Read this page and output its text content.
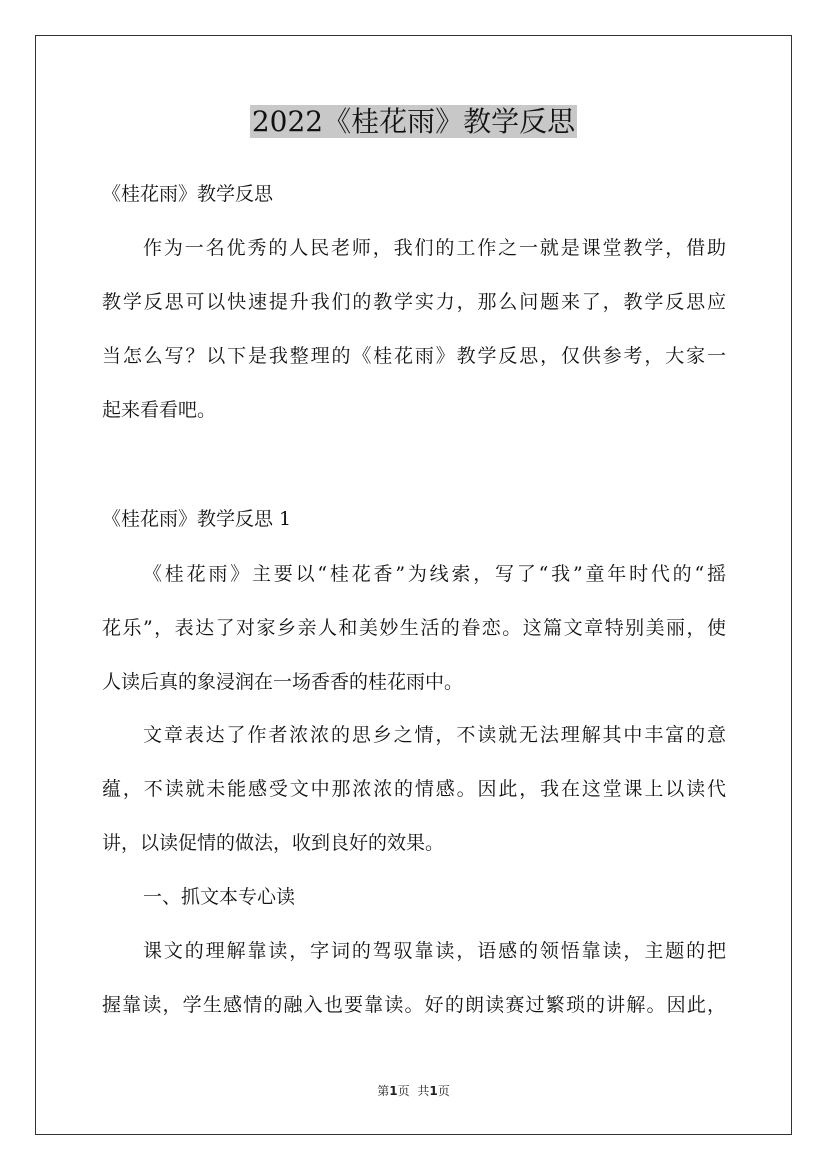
2022《桂花雨》教学反思

《桂花雨》教学反思

作为一名优秀的人民老师，我们的工作之一就是课堂教学，借助

教学反思可以快速提升我们的教学实力，那么问题来了，教学反思应

当怎么写？以下是我整理的《桂花雨》教学反思，仅供参考，大家一

起来看看吧。

《桂花雨》教学反思 1

《桂花雨》主要以“桂花香”为线索，写了“我”童年时代的“摇

花乐”，表达了对家乡亲人和美妙生活的眷恋。这篇文章特别美丽，使

人读后真的象浸润在一场香香的桂花雨中。

文章表达了作者浓浓的思乡之情，不读就无法理解其中丰富的意

蕴，不读就未能感受文中那浓浓的情感。因此，我在这堂课上以读代

讲，以读促情的做法，收到良好的效果。

一、抓文本专心读

课文的理解靠读，字词的驾驭靠读，语感的领悟靠读，主题的把

握靠读，学生感情的融入也要靠读。好的朗读赛过繁琐的讲解。因此，

第1页 共1页
